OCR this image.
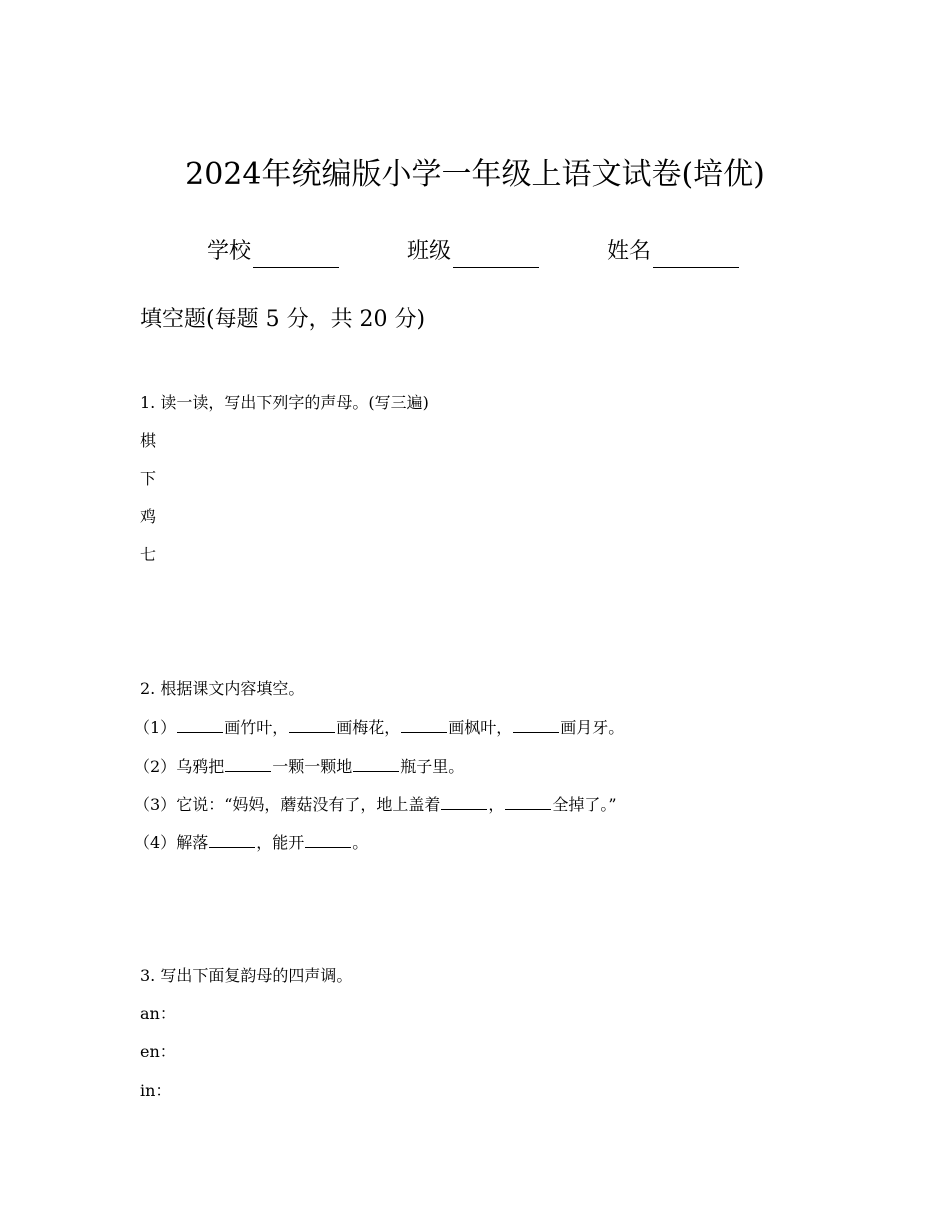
2024年统编版小学一年级上语文试卷(培优)
学校	班级	姓名
填空题(每题 5 分，共 20 分)
1. 读一读，写出下列字的声母。(写三遍)
棋
下
鸡
七
2. 根据课文内容填空。
（1）	画竹叶，	画梅花，	画枫叶，	画月牙。
（2）乌鸦把	一颗一颗地	瓶子里。
（3）它说：“妈妈，蘑菇没有了，地上盖着	，	全掉了。”
（4）解落	，能开	。
3. 写出下面复韵母的四声调。
an：
en：
in：
